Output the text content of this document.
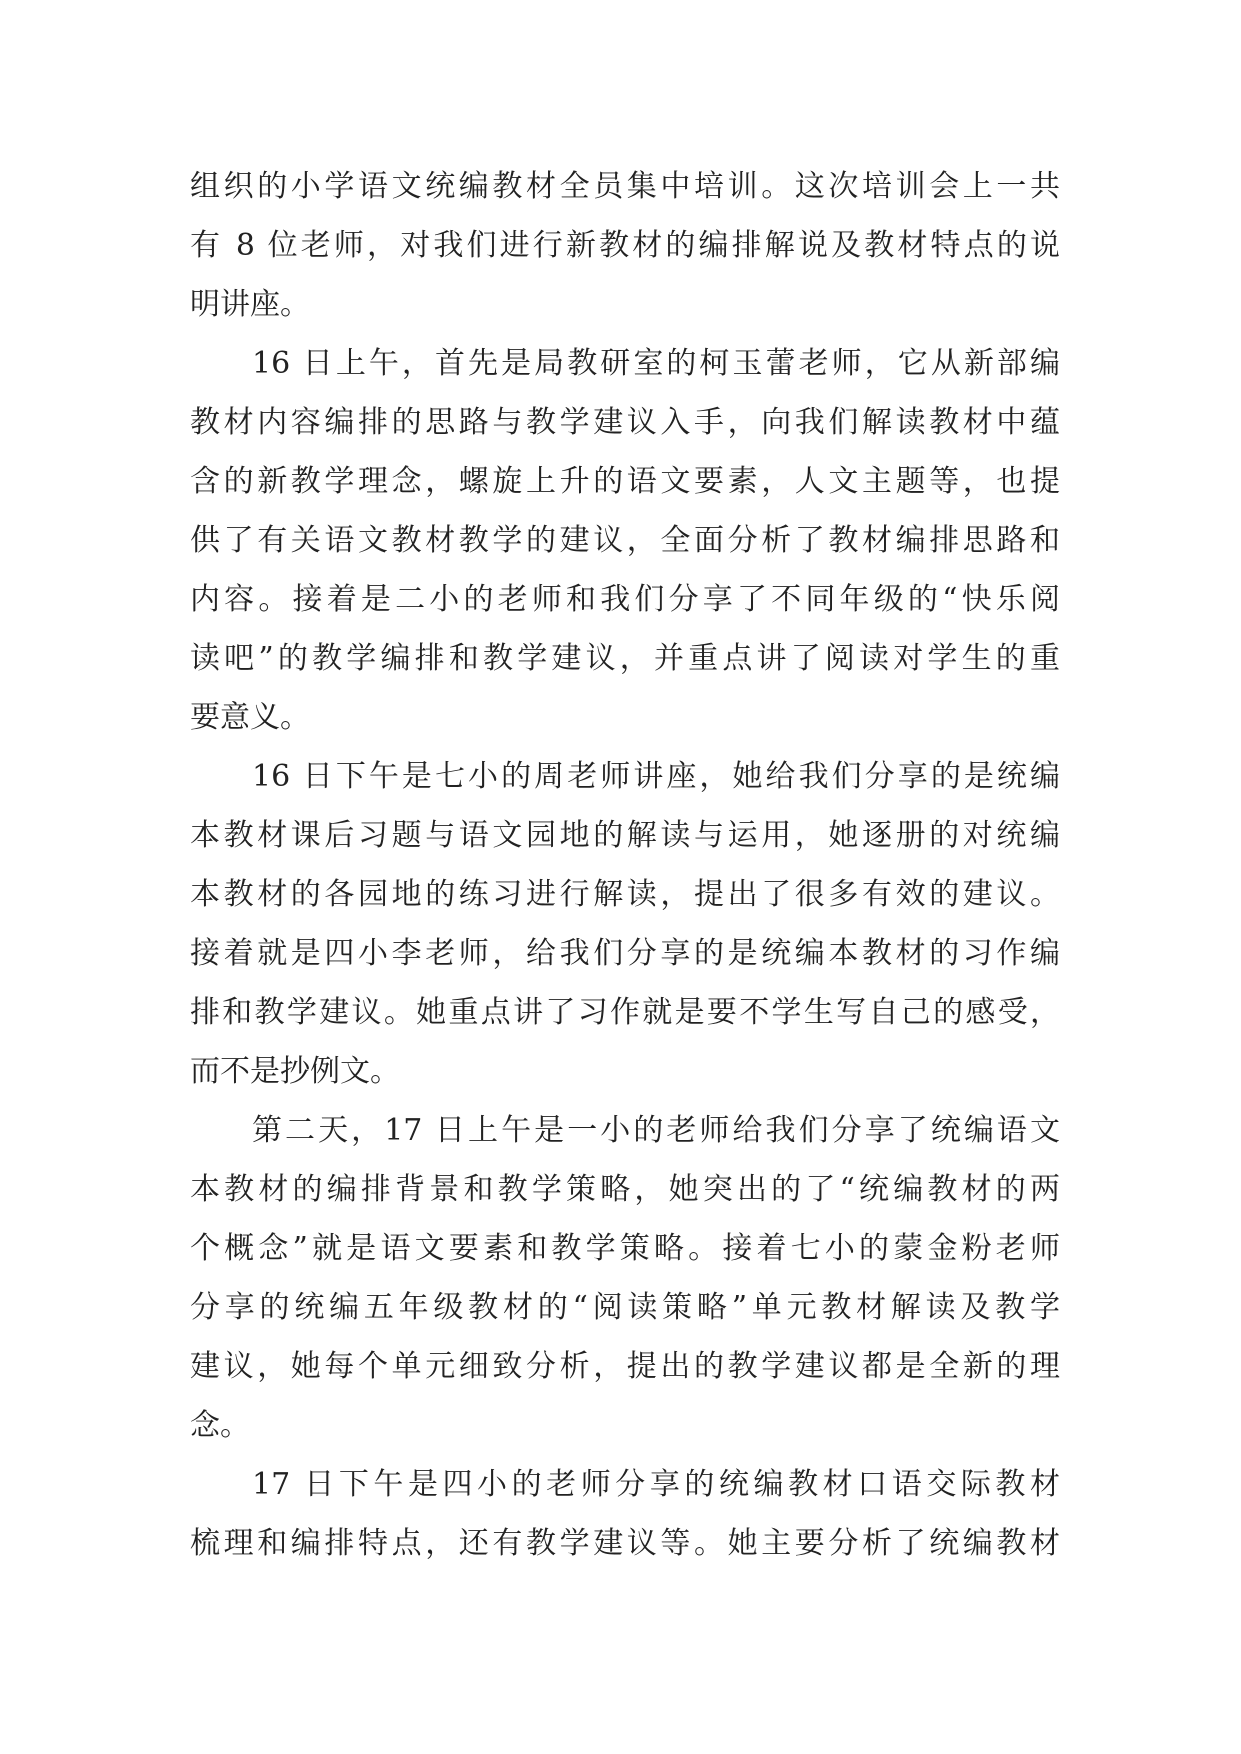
组织的小学语文统编教材全员集中培训。这次培训会上一共
有 8 位老师，对我们进行新教材的编排解说及教材特点的说
明讲座。
16 日上午，首先是局教研室的柯玉蕾老师，它从新部编
教材内容编排的思路与教学建议入手，向我们解读教材中蕴
含的新教学理念，螺旋上升的语文要素，人文主题等，也提
供了有关语文教材教学的建议，全面分析了教材编排思路和
内容。接着是二小的老师和我们分享了不同年级的“快乐阅
读吧”的教学编排和教学建议，并重点讲了阅读对学生的重
要意义。
16 日下午是七小的周老师讲座，她给我们分享的是统编
本教材课后习题与语文园地的解读与运用，她逐册的对统编
本教材的各园地的练习进行解读，提出了很多有效的建议。
接着就是四小李老师，给我们分享的是统编本教材的习作编
排和教学建议。她重点讲了习作就是要不学生写自己的感受，
而不是抄例文。
第二天，17 日上午是一小的老师给我们分享了统编语文
本教材的编排背景和教学策略，她突出的了“统编教材的两
个概念”就是语文要素和教学策略。接着七小的蒙金粉老师
分享的统编五年级教材的“阅读策略”单元教材解读及教学
建议，她每个单元细致分析，提出的教学建议都是全新的理
念。
17 日下午是四小的老师分享的统编教材口语交际教材
梳理和编排特点，还有教学建议等。她主要分析了统编教材
